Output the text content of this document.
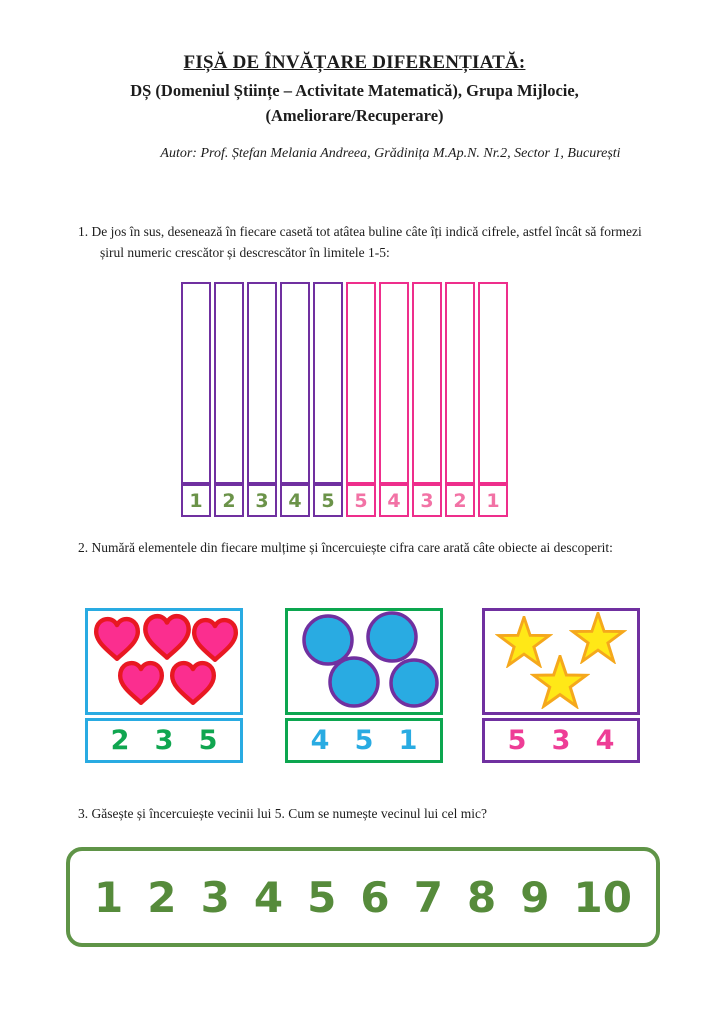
FIȘĂ DE ÎNVĂȚARE DIFERENȚIATĂ:
DȘ (Domeniul Științe – Activitate Matematică), Grupa Mijlocie,
(Ameliorare/Recuperare)
Autor: Prof. Ștefan Melania Andreea, Grădinița M.Ap.N. Nr.2, Sector 1, București
1. De jos în sus, desenează în fiecare casetă tot atâtea buline câte îți indică cifrele, astfel încât să formezi șirul numeric crescător și descrescător în limitele 1-5:
1	2	3	4	5	5	4	3	2	1
2. Numără elementele din fiecare mulțime și încercuiește cifra care arată câte obiecte ai descoperit:
2 3 5	4 5 1	5 3 4
3. Găsește și încercuiește vecinii lui 5. Cum se numește vecinul lui cel mic?
1 2 3 4 5 6 7 8 9 10
